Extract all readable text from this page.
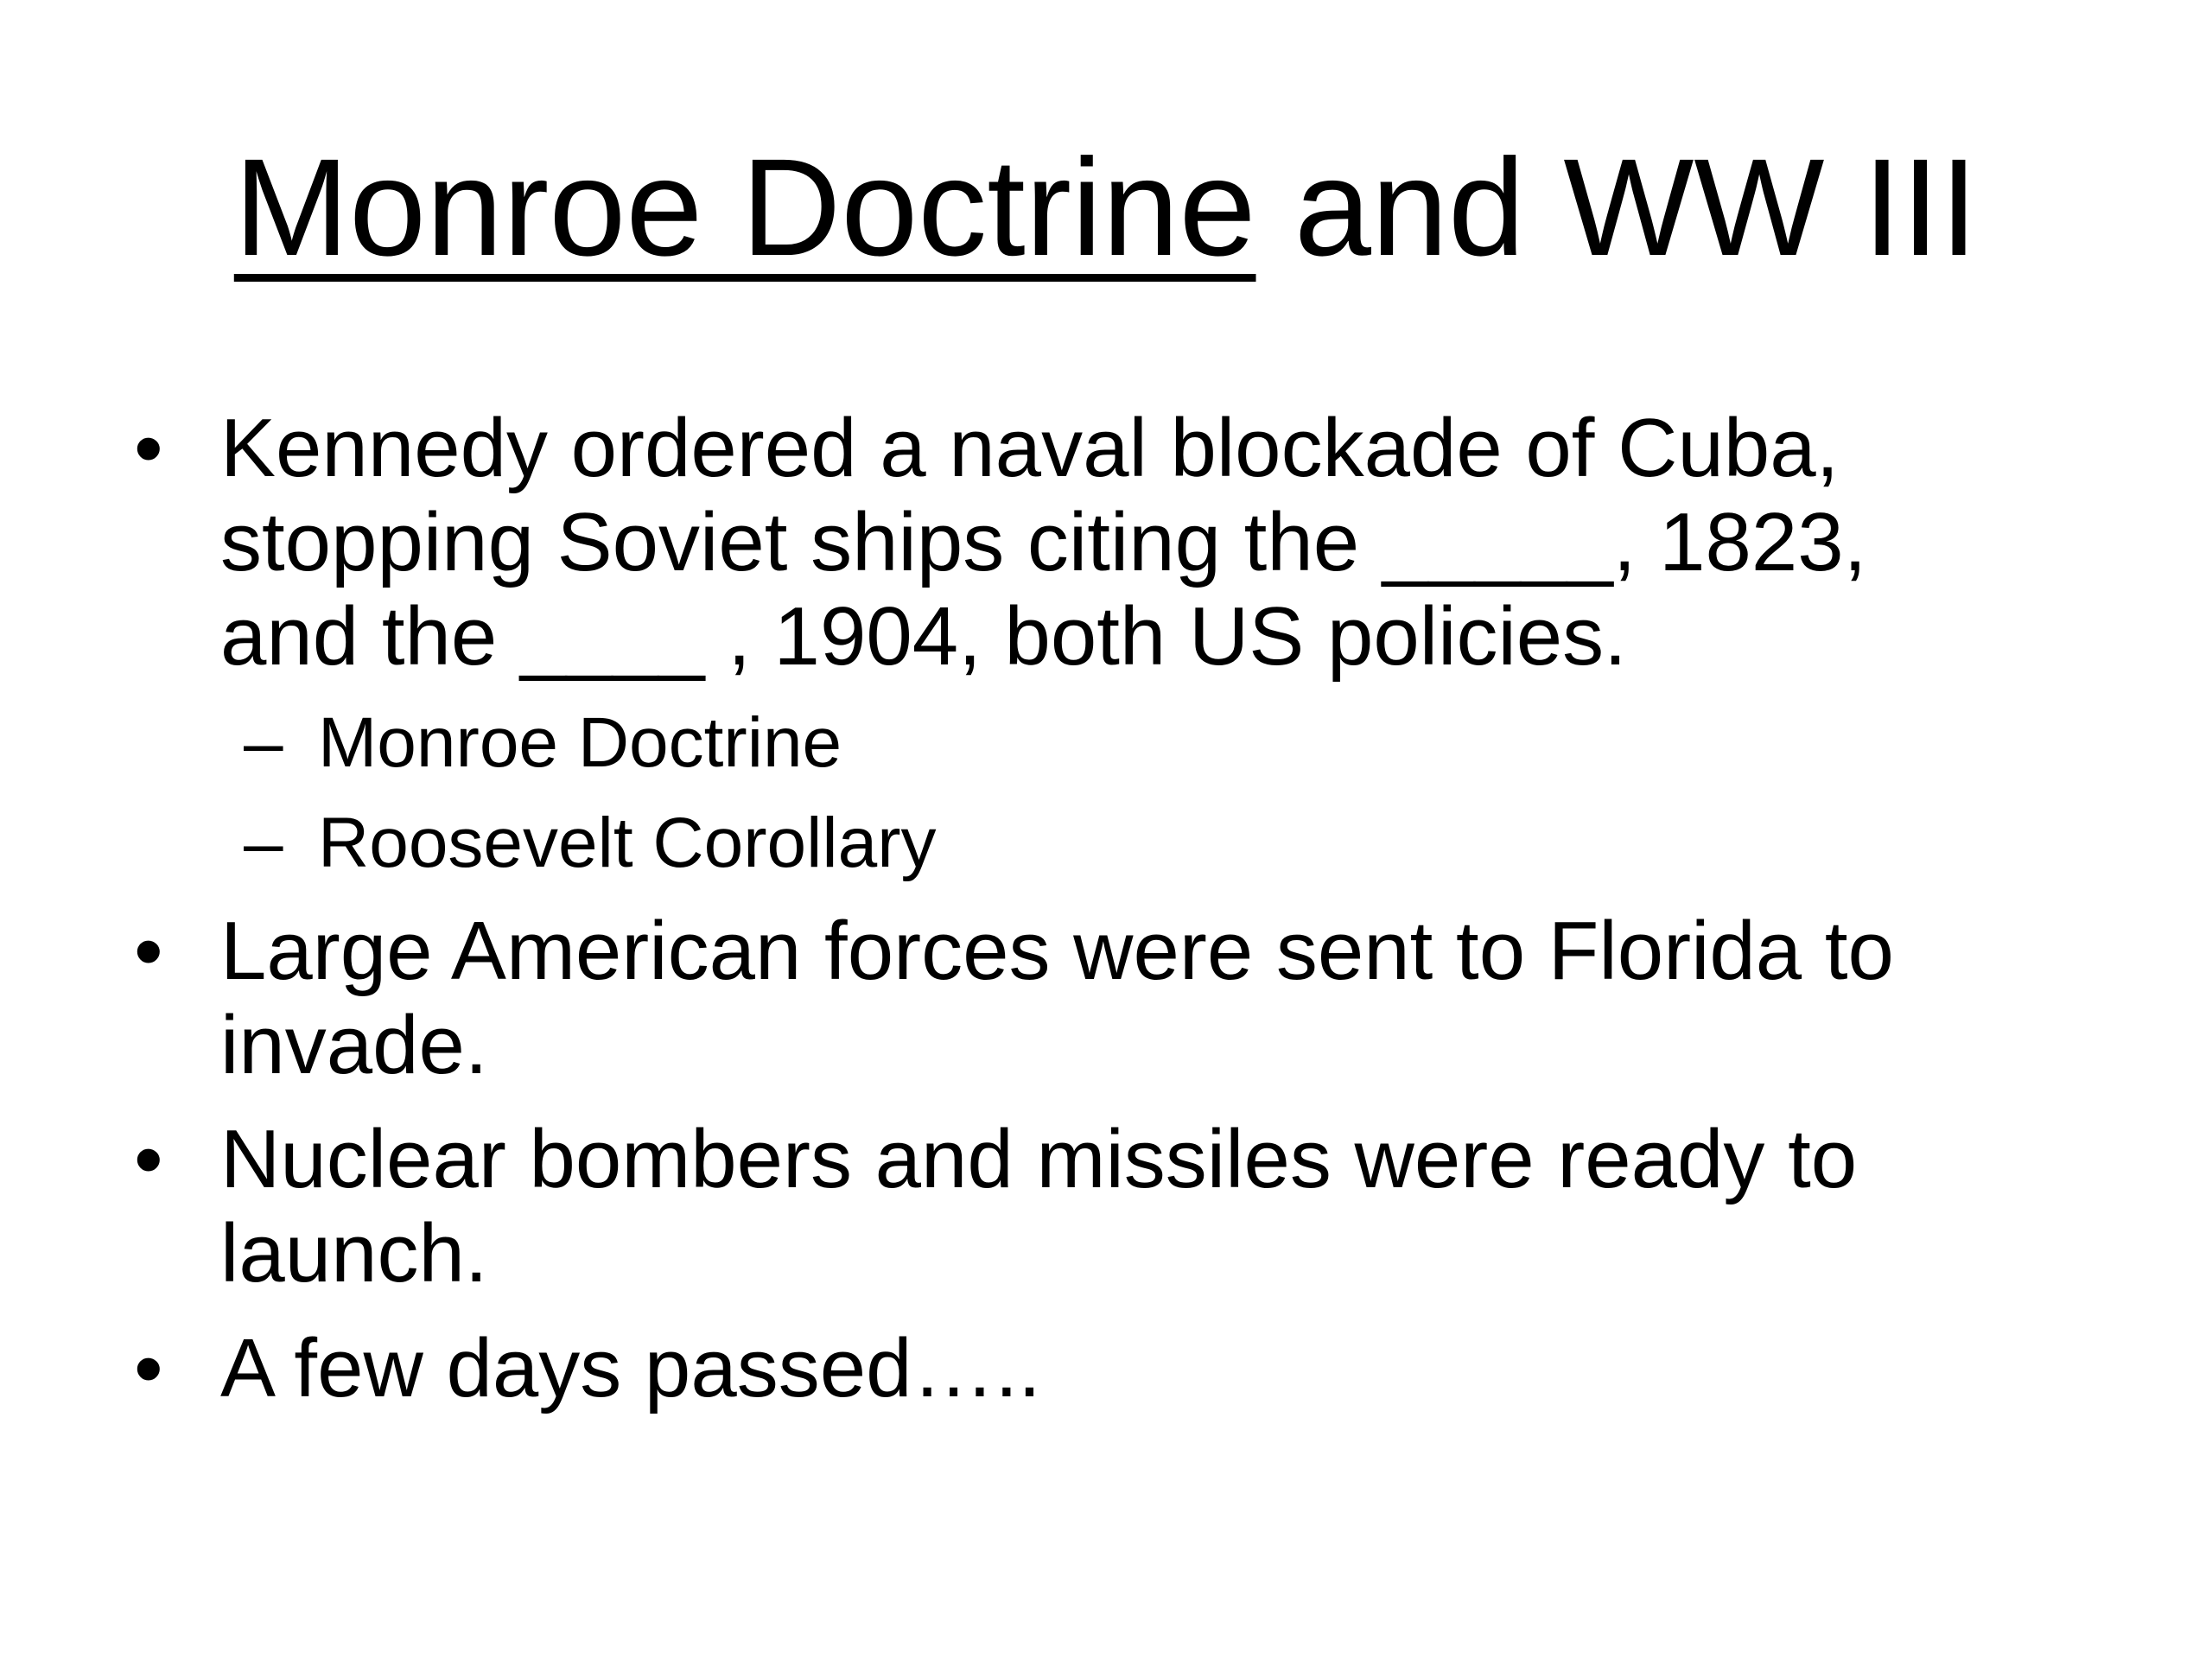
Monroe Doctrine and WW III
• Kennedy ordered a naval blockade of Cuba,
stopping Soviet ships citing the _____, 1823,
and the ____ , 1904, both US policies.
– Monroe Doctrine
– Roosevelt Corollary
• Large American forces were sent to Florida to
invade.
• Nuclear bombers and missiles were ready to
launch.
• A few days passed…..
